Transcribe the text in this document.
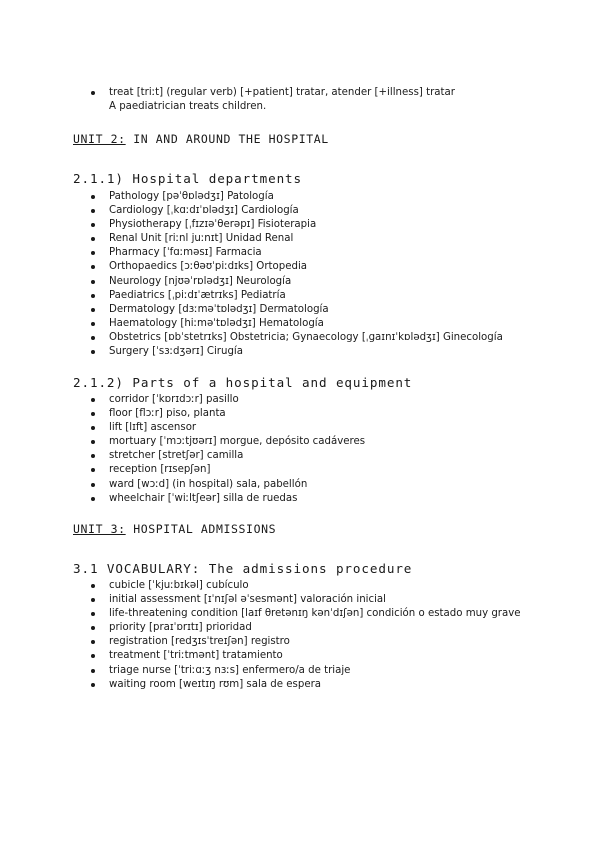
treat [triːt] (regular verb) [+patient] tratar, atender [+illness] tratar
A paediatrician treats children.
UNIT 2: IN AND AROUND THE HOSPITAL
2.1.1) Hospital departments
Pathology [pəˈθɒlədʒɪ] Patología
Cardiology [ˌkɑːdɪˈɒlədʒɪ] Cardiología
Physiotherapy [ˌfɪzɪəˈθerəpɪ] Fisioterapia
Renal Unit [riːnl juːnɪt] Unidad Renal
Pharmacy [ˈfɑːməsɪ] Farmacia
Orthopaedics [ɔːθəʊˈpiːdɪks] Ortopedia
Neurology [njʊəˈrɒlədʒɪ] Neurología
Paediatrics [ˌpiːdɪˈætrɪks] Pediatría
Dermatology [dɜːməˈtɒlədʒɪ] Dermatología
Haematology [hiːməˈtɒlədʒɪ] Hematología
Obstetrics [ɒbˈstetrɪks] Obstetricia; Gynaecology [ˌgaɪnɪˈkɒlədʒɪ] Ginecología
Surgery [ˈsɜːdʒərɪ] Cirugía
2.1.2) Parts of a hospital and equipment
corridor [ˈkɒrɪdɔːr] pasillo
floor [flɔːr] piso, planta
lift [lɪft] ascensor
mortuary [ˈmɔːtjʊərɪ] morgue, depósito cadáveres
stretcher [stretʃər] camilla
reception [rɪsepʃən]
ward [wɔːd] (in hospital) sala, pabellón
wheelchair [ˈwiːltʃeər] silla de ruedas
UNIT 3: HOSPITAL ADMISSIONS
3.1 VOCABULARY: The admissions procedure
cubicle [ˈkjuːbɪkəl] cubículo
initial assessment [ɪˈnɪʃəl əˈsesmənt] valoración inicial
life-threatening condition [laɪf θretənɪŋ kənˈdɪʃən] condición o estado muy grave
priority [praɪˈɒrɪtɪ] prioridad
registration [redʒɪsˈtreɪʃən] registro
treatment [ˈtriːtmənt] tratamiento
triage nurse [ˈtriːɑːʒ nɜːs] enfermero/a de triaje
waiting room [weɪtɪŋ rʊm] sala de espera
